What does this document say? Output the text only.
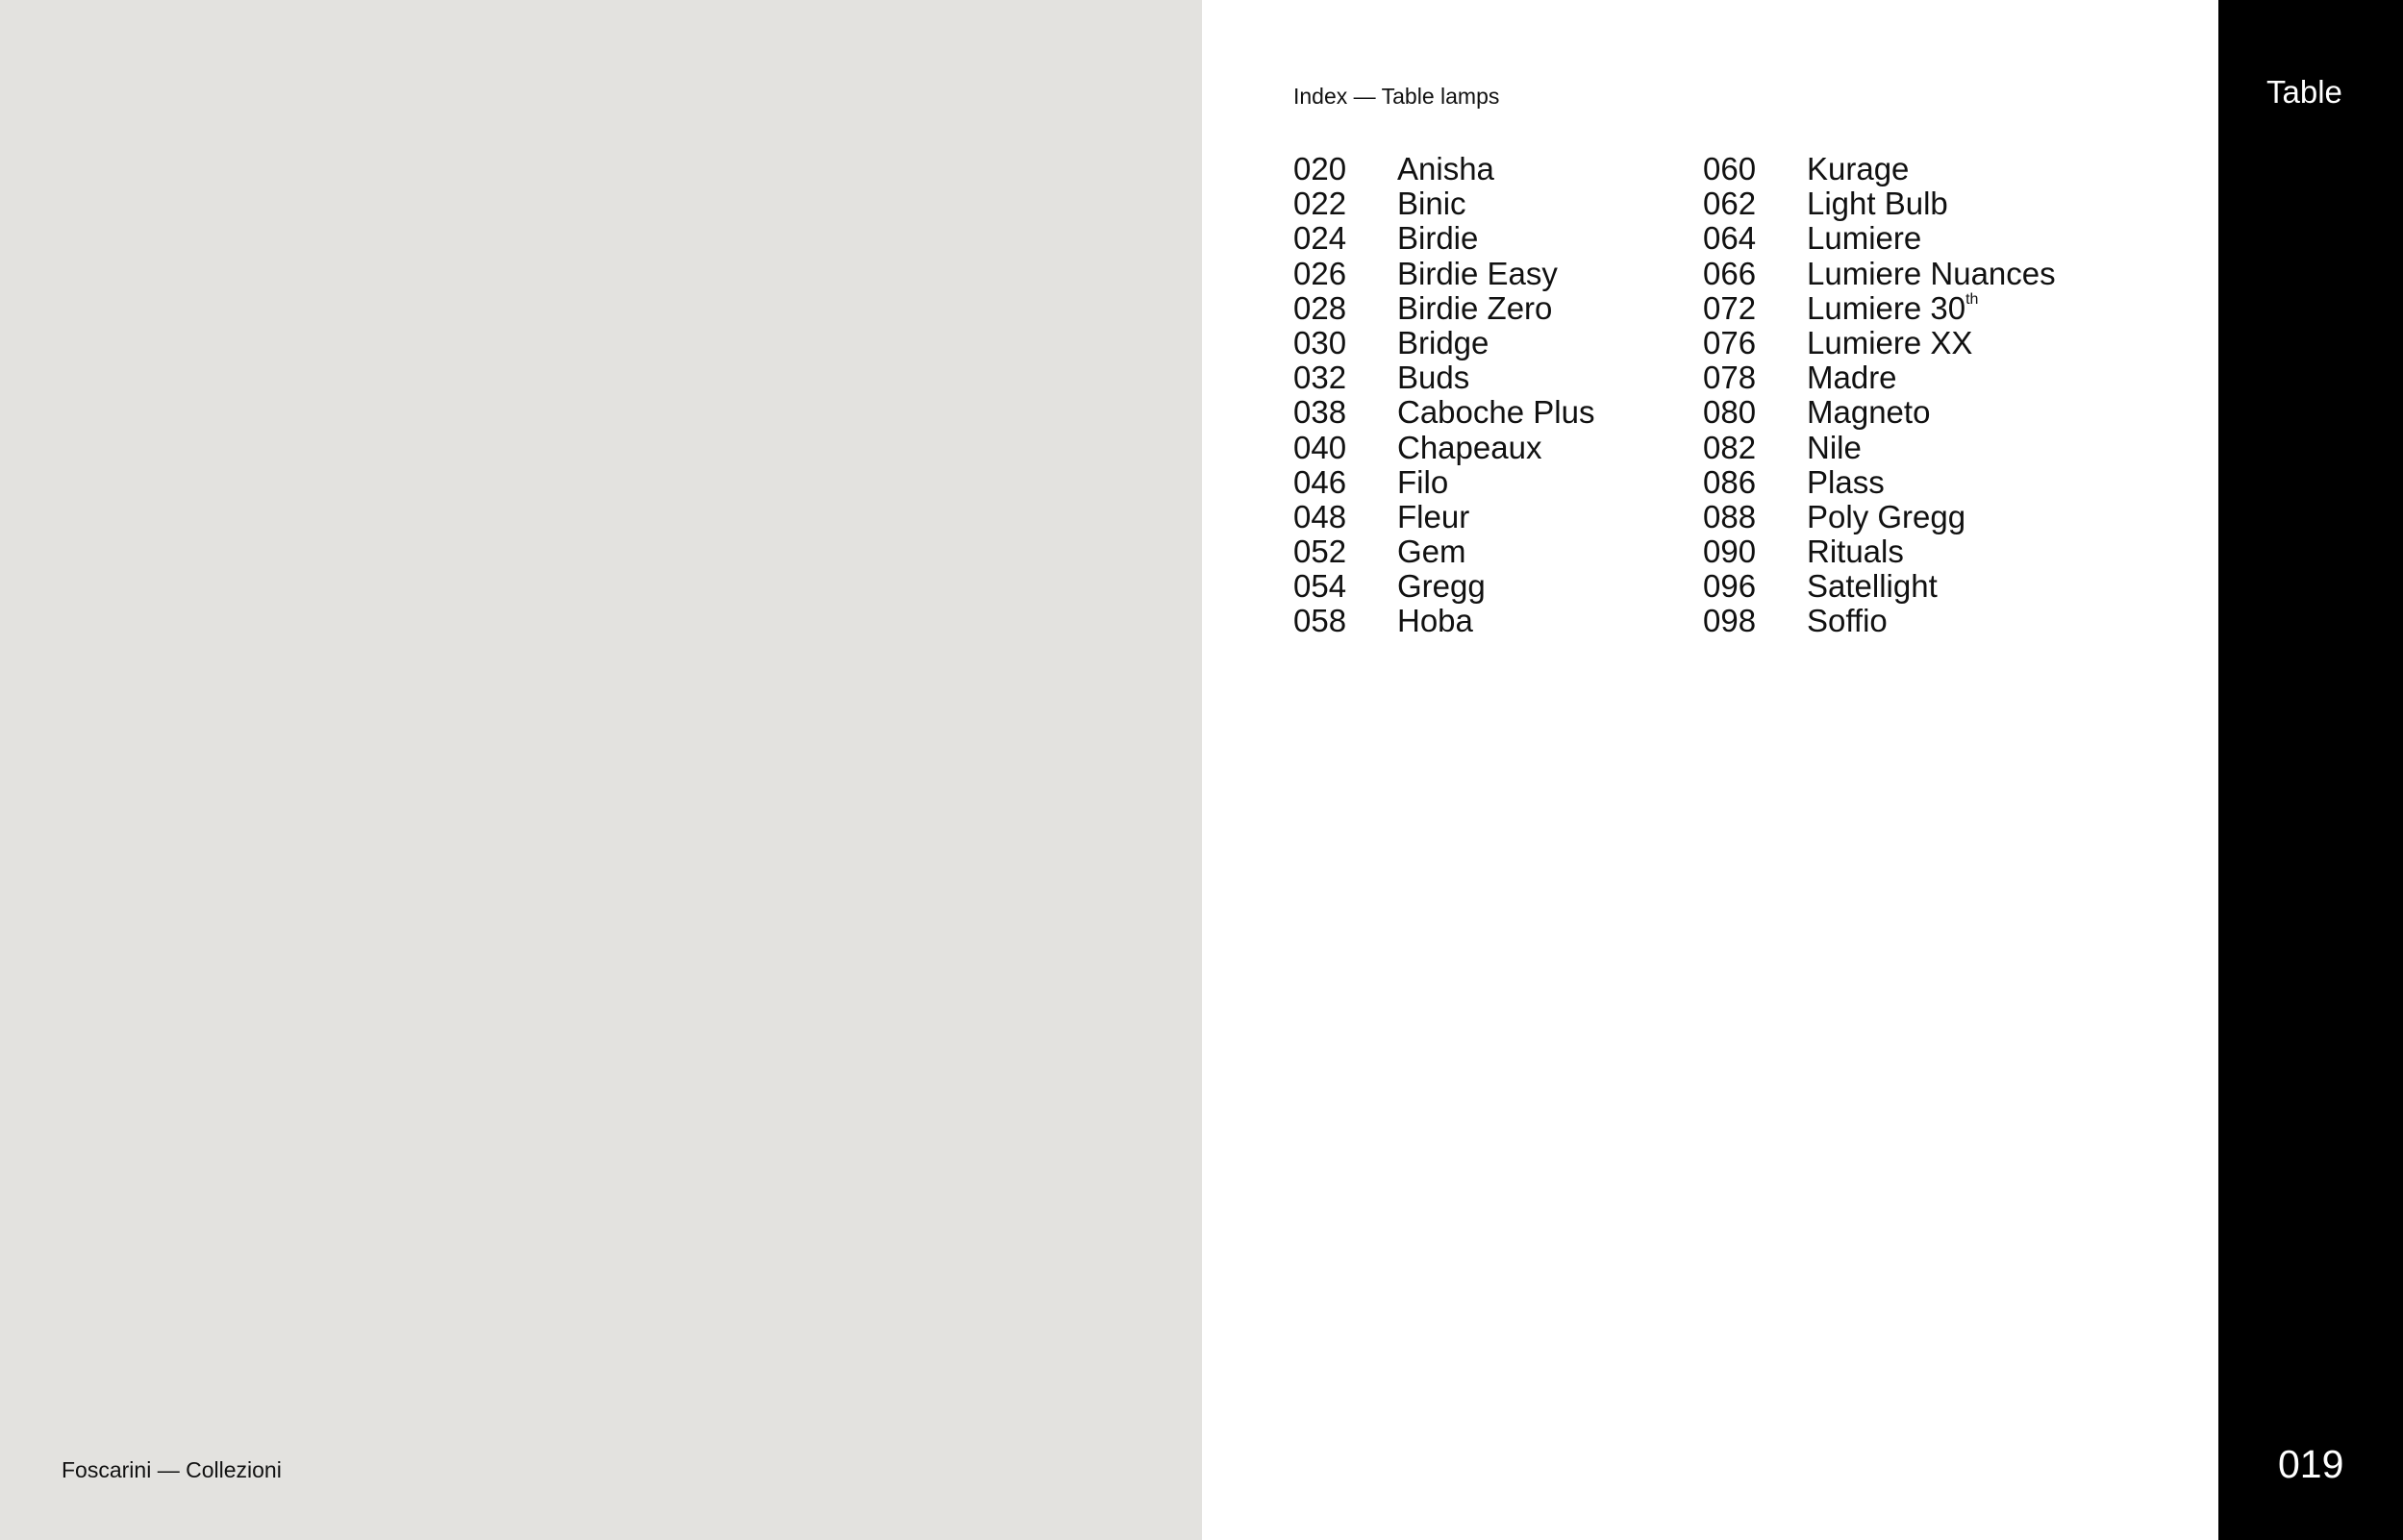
Foscarini — Collezioni
Index — Table lamps
020	Anisha
022	Binic
024	Birdie
026	Birdie Easy
028	Birdie Zero
030	Bridge
032	Buds
038	Caboche Plus
040	Chapeaux
046	Filo
048	Fleur
052	Gem
054	Gregg
058	Hoba
060	Kurage
062	Light Bulb
064	Lumiere
066	Lumiere Nuances
072	Lumiere 30th
076	Lumiere XX
078	Madre
080	Magneto
082	Nile
086	Plass
088	Poly Gregg
090	Rituals
096	Satellight
098	Soffio
Table
019
